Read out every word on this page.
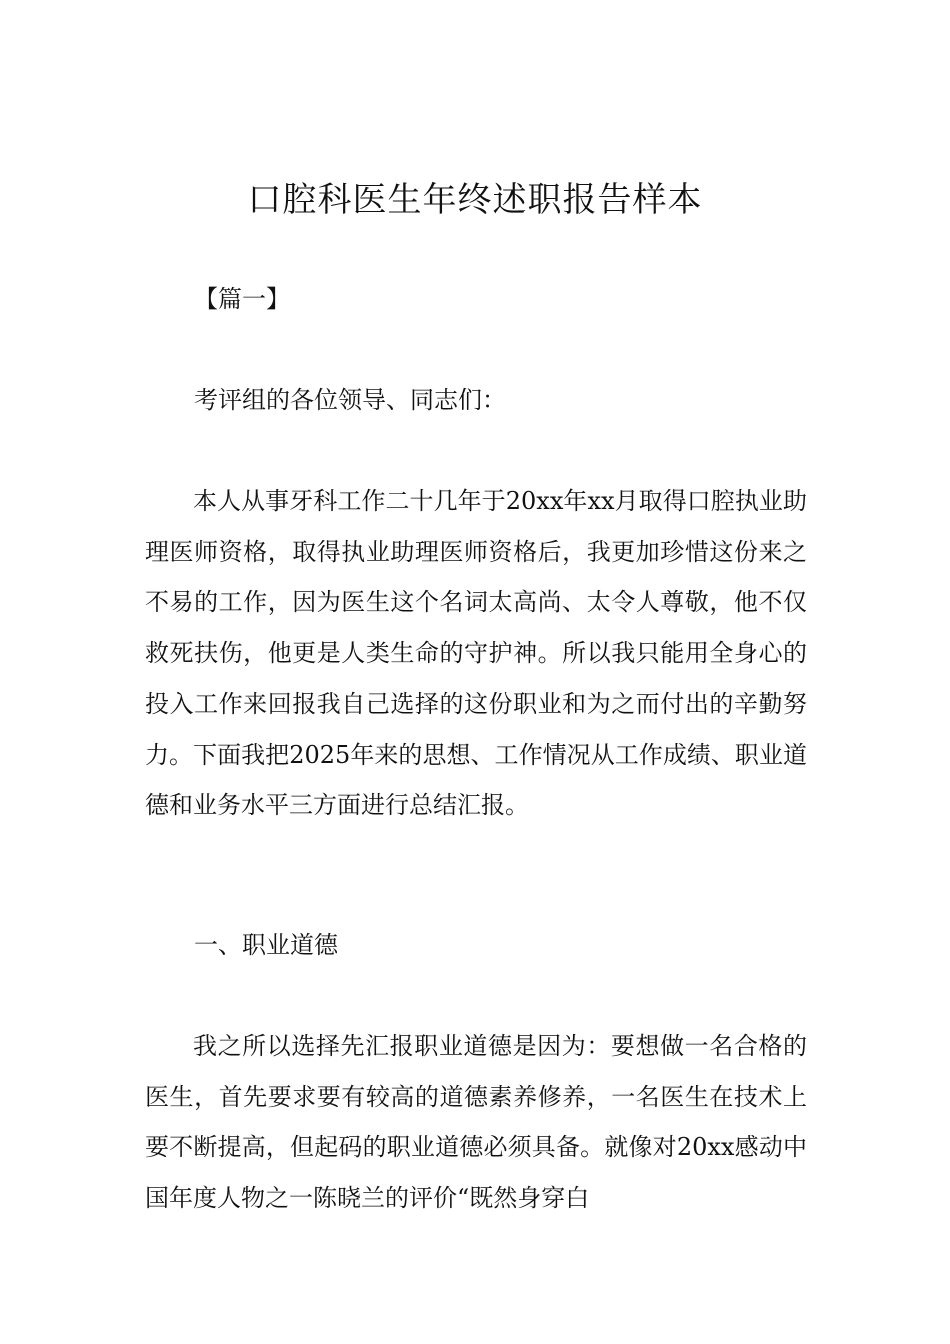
口腔科医生年终述职报告样本
【篇一】
考评组的各位领导、同志们：

本人从事牙科工作二十几年于20xx年xx月取得口腔执业助理医师资格，取得执业助理医师资格后，我更加珍惜这份来之不易的工作，因为医生这个名词太高尚、太令人尊敬，他不仅救死扶伤，他更是人类生命的守护神。所以我只能用全身心的投入工作来回报我自己选择的这份职业和为之而付出的辛勤努力。下面我把2025年来的思想、工作情况从工作成绩、职业道德和业务水平三方面进行总结汇报。

一、职业道德

我之所以选择先汇报职业道德是因为：要想做一名合格的医生，首先要求要有较高的道德素养修养，一名医生在技术上要不断提高，但起码的职业道德必须具备。就像对20xx感动中国年度人物之一陈晓兰的评价“既然身穿白
